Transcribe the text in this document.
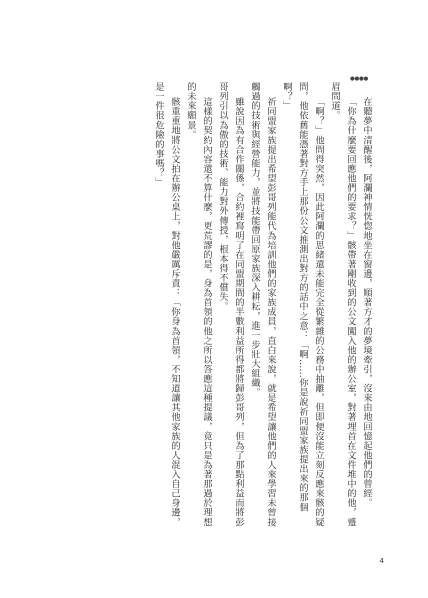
●●●●

在聽夢中清醒後，阿瀾神情恍惚地坐在窗邊，順著方才的夢境牽引，沒來由地回憶起他們的曾經。

「你為什麼要回應他們的要求？」骸帶著剛收到的公文闖入他的辦公室，對著埋首在文件堆中的他，蹙眉問道。

「啊？」他問得突然，因此阿瀾的思緒還未能完全從繁雜的公務中抽離，但即便沒能立刻反應來骸的疑問，他依舊能憑著對方手上那份公文推測出對方的話中之意：「啊……你是說祈同盟家族提出來的那個啊？」

祈同盟家族提出希望彭哥列能代為培訓他們的家族成員，直白來說，就是希望讓他們的人來學習未曾接觸過的技術與經營能力，並將技能帶回原家族深入耕耘，進一步壯大組織。

雖說因為有合作關係，合約裡寫明了在同盟期間的半數利益所得都將歸彭哥列，但為了那點利益而將彭哥列引以為傲的技術、能力對外傳授，根本得不償失。

這樣的契約內容還不算什麼，更荒謬的是，身為首領的他之所以答應這種提議，竟只是為著那過於理想的未來願景。

骸重重地將公文拍在辦公桌上，對他嚴厲斥責：「你身為首領，不知道讓其他家族的人混入自己身邊，是一件很危險的事嗎？」

4
